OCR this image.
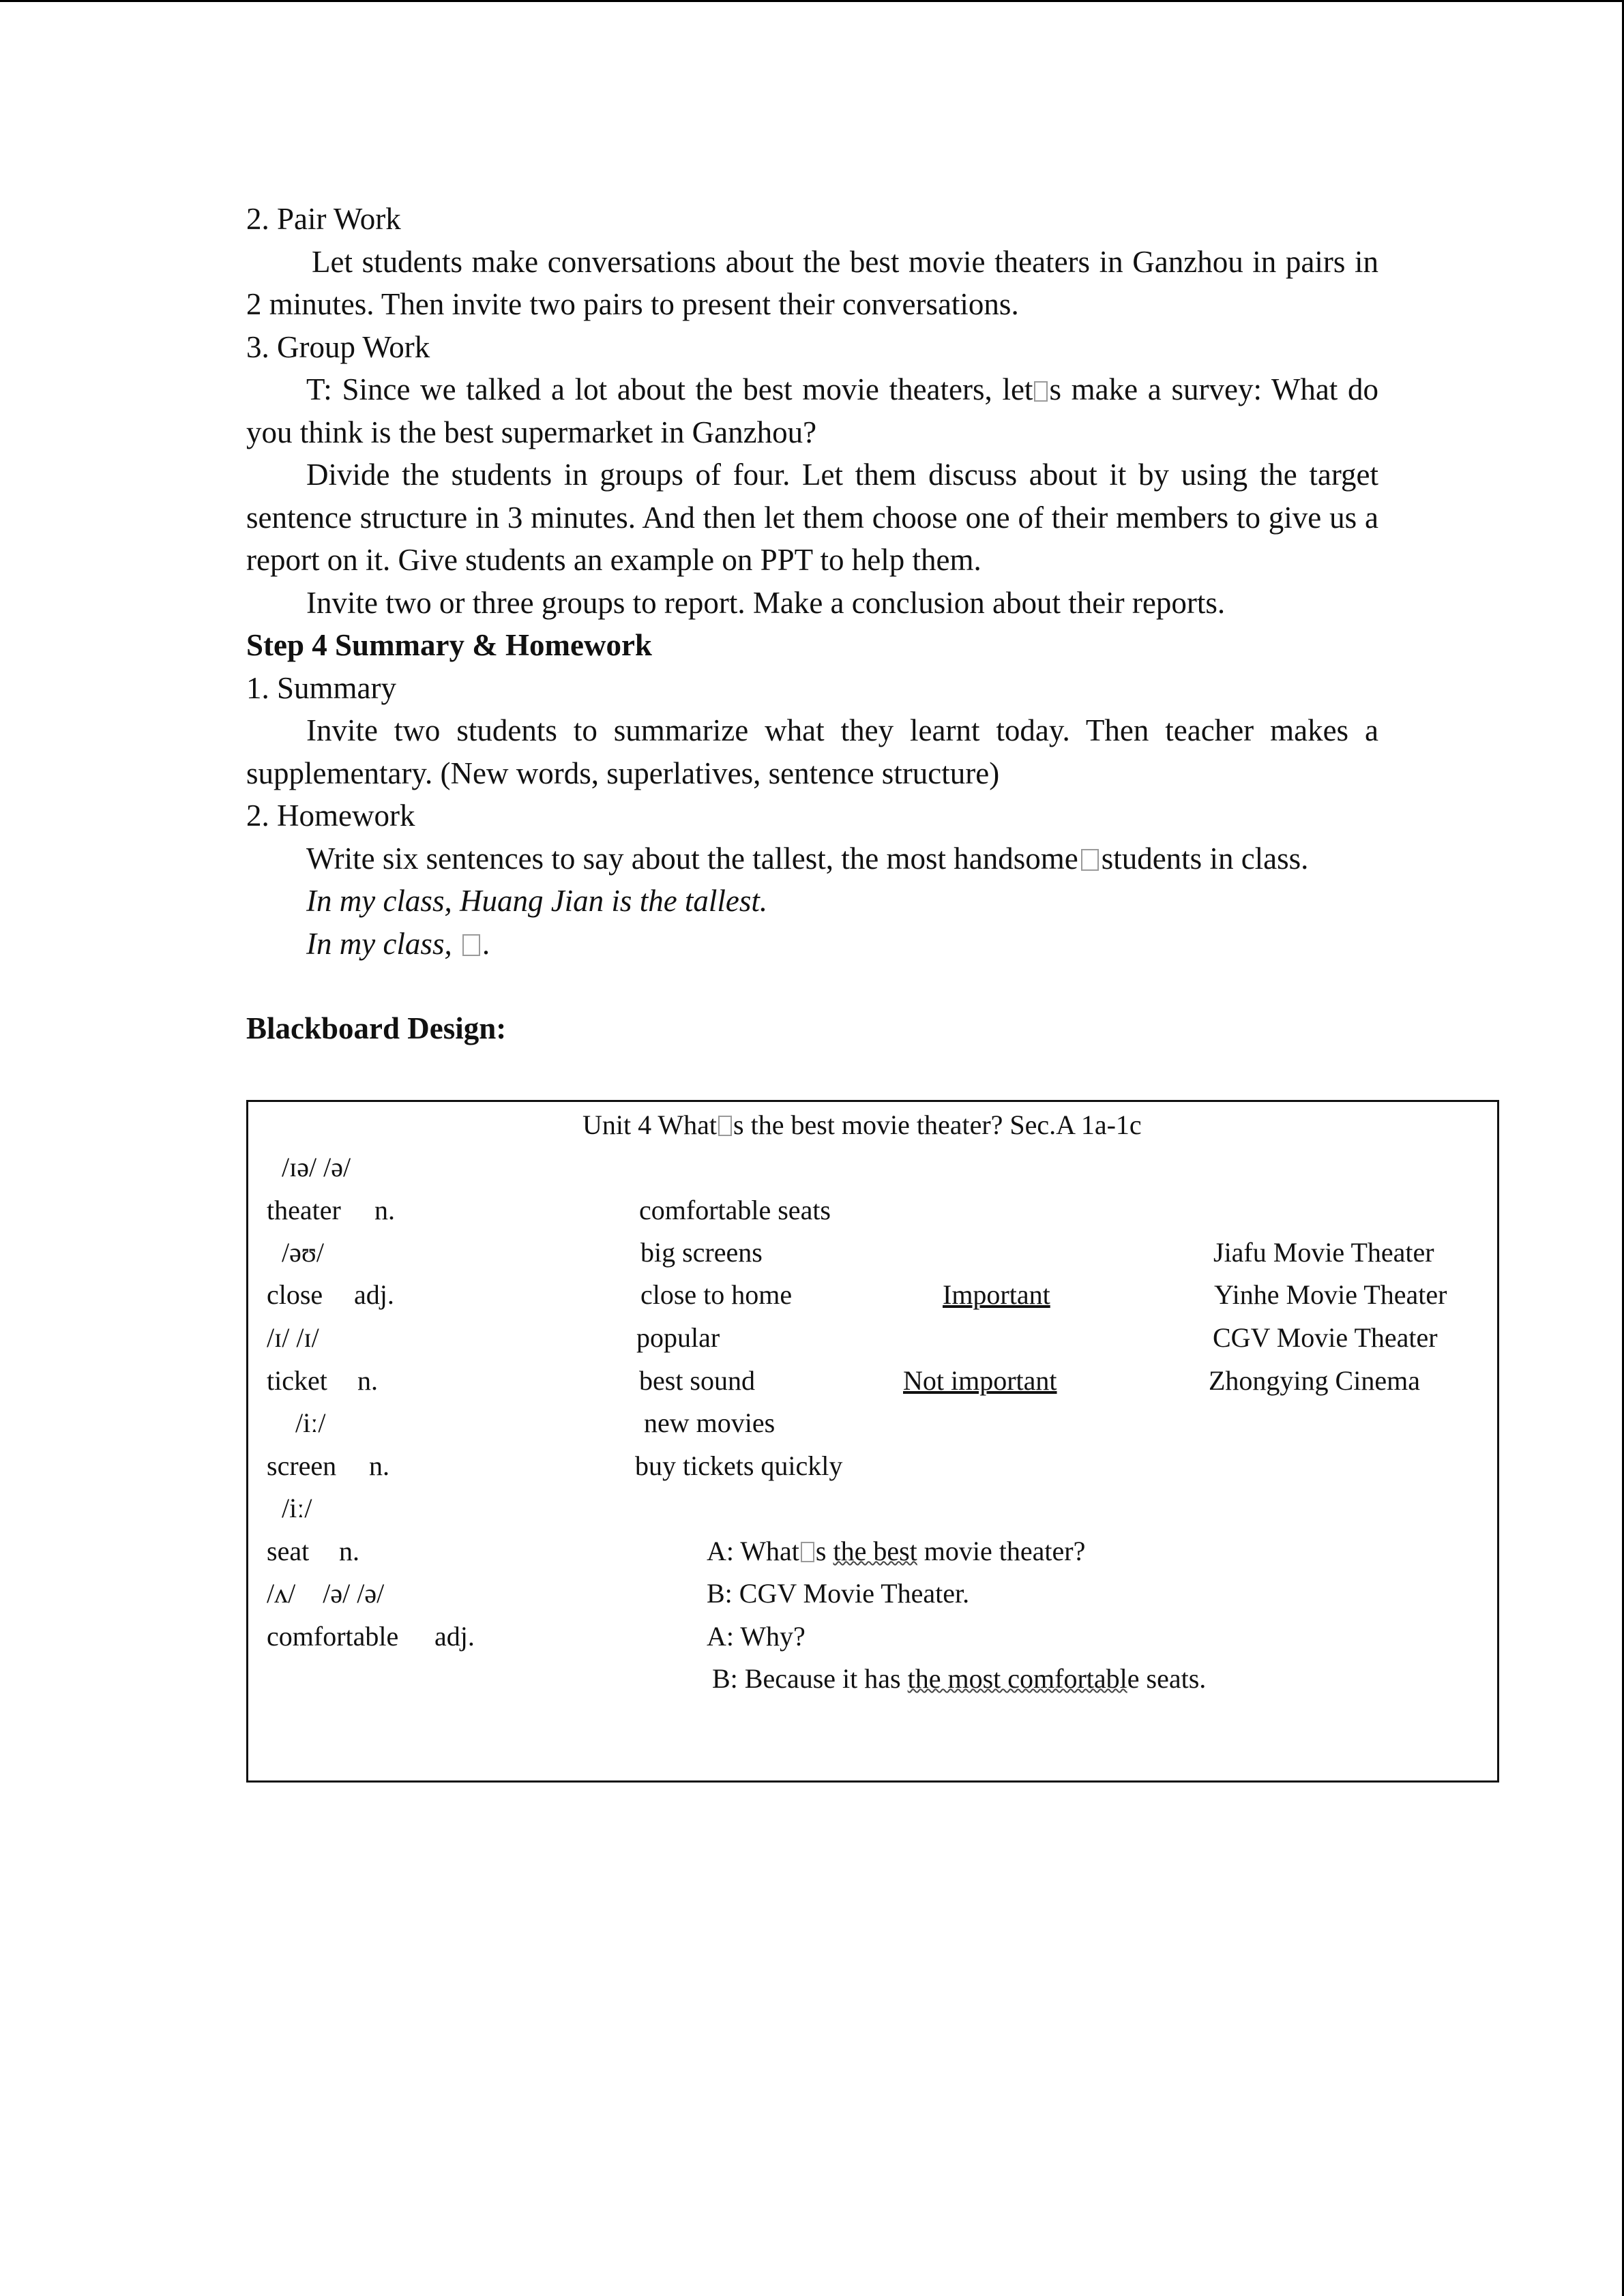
2. Pair Work
Let students make conversations about the best movie theaters in Ganzhou in pairs in 2 minutes. Then invite two pairs to present their conversations.
3. Group Work
T: Since we talked a lot about the best movie theaters, let s make a survey: What do you think is the best supermarket in Ganzhou?
Divide the students in groups of four. Let them discuss about it by using the target sentence structure in 3 minutes. And then let them choose one of their members to give us a report on it. Give students an example on PPT to help them.
Invite two or three groups to report. Make a conclusion about their reports.
Step 4 Summary & Homework
1. Summary
Invite two students to summarize what they learnt today. Then teacher makes a supplementary. (New words, superlatives, sentence structure)
2. Homework
Write six sentences to say about the tallest, the most handsome students in class.
In my class, Huang Jian is the tallest.
In my class, .
Blackboard Design:
Unit 4 What s the best movie theater? Sec.A 1a-1c
/ɪə/ /ə/
theater n.
/əʊ/
close adj.
/ɪ/ /ɪ/
ticket n.
/iː/
screen n.
/iː/
seat n.
/ʌ/    /ə/ /ə/
comfortable adj.
comfortable seats
big screens
close to home
popular
best sound
new movies
buy tickets quickly
Important
Not important
Jiafu Movie Theater
Yinhe Movie Theater
CGV Movie Theater
Zhongying Cinema
A: What s the best movie theater?
B: CGV Movie Theater.
A: Why?
B: Because it has the most comfortable seats.
